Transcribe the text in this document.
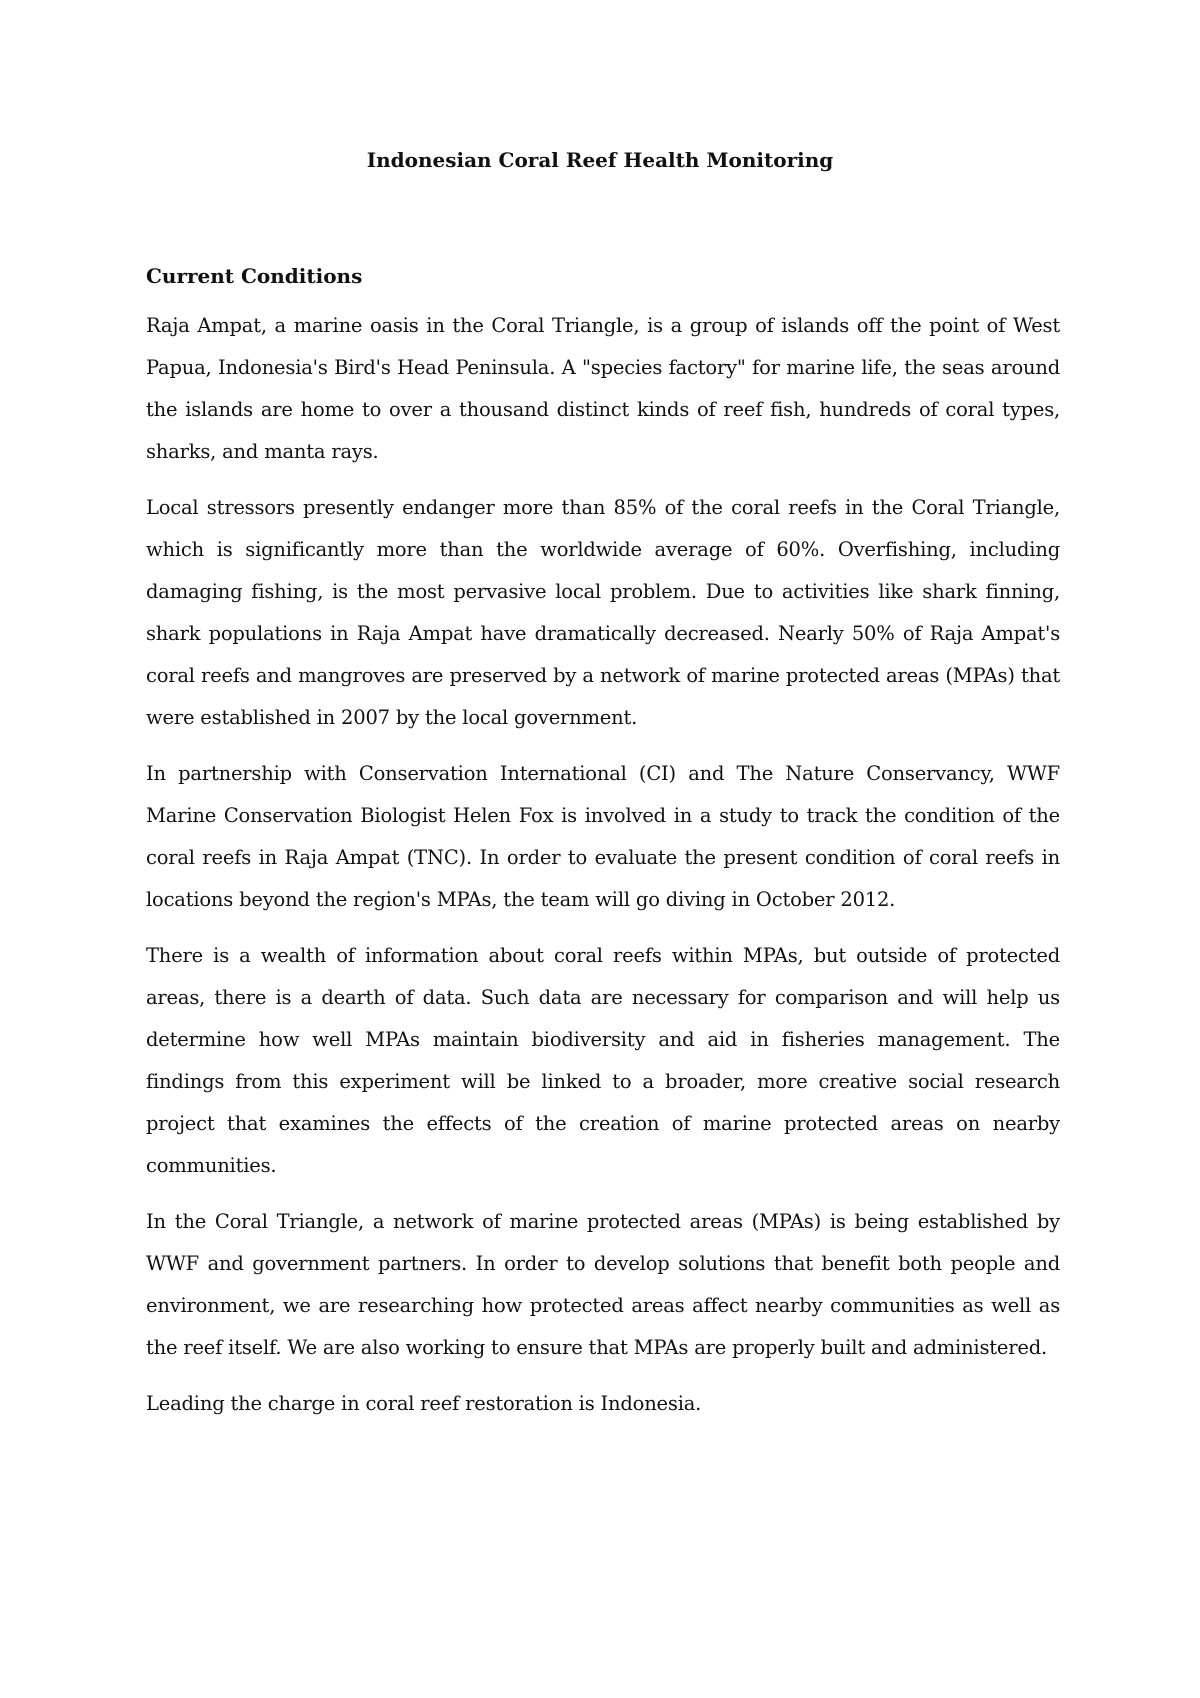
Indonesian Coral Reef Health Monitoring
Current Conditions

Raja Ampat, a marine oasis in the Coral Triangle, is a group of islands off the point of West Papua, Indonesia's Bird's Head Peninsula. A "species factory" for marine life, the seas around the islands are home to over a thousand distinct kinds of reef fish, hundreds of coral types, sharks, and manta rays.

Local stressors presently endanger more than 85% of the coral reefs in the Coral Triangle, which is significantly more than the worldwide average of 60%. Overfishing, including damaging fishing, is the most pervasive local problem. Due to activities like shark finning, shark populations in Raja Ampat have dramatically decreased. Nearly 50% of Raja Ampat's coral reefs and mangroves are preserved by a network of marine protected areas (MPAs) that were established in 2007 by the local government.

In partnership with Conservation International (CI) and The Nature Conservancy, WWF Marine Conservation Biologist Helen Fox is involved in a study to track the condition of the coral reefs in Raja Ampat (TNC). In order to evaluate the present condition of coral reefs in locations beyond the region's MPAs, the team will go diving in October 2012.

There is a wealth of information about coral reefs within MPAs, but outside of protected areas, there is a dearth of data. Such data are necessary for comparison and will help us determine how well MPAs maintain biodiversity and aid in fisheries management. The findings from this experiment will be linked to a broader, more creative social research project that examines the effects of the creation of marine protected areas on nearby communities.

In the Coral Triangle, a network of marine protected areas (MPAs) is being established by WWF and government partners. In order to develop solutions that benefit both people and environment, we are researching how protected areas affect nearby communities as well as the reef itself. We are also working to ensure that MPAs are properly built and administered.

Leading the charge in coral reef restoration is Indonesia.
